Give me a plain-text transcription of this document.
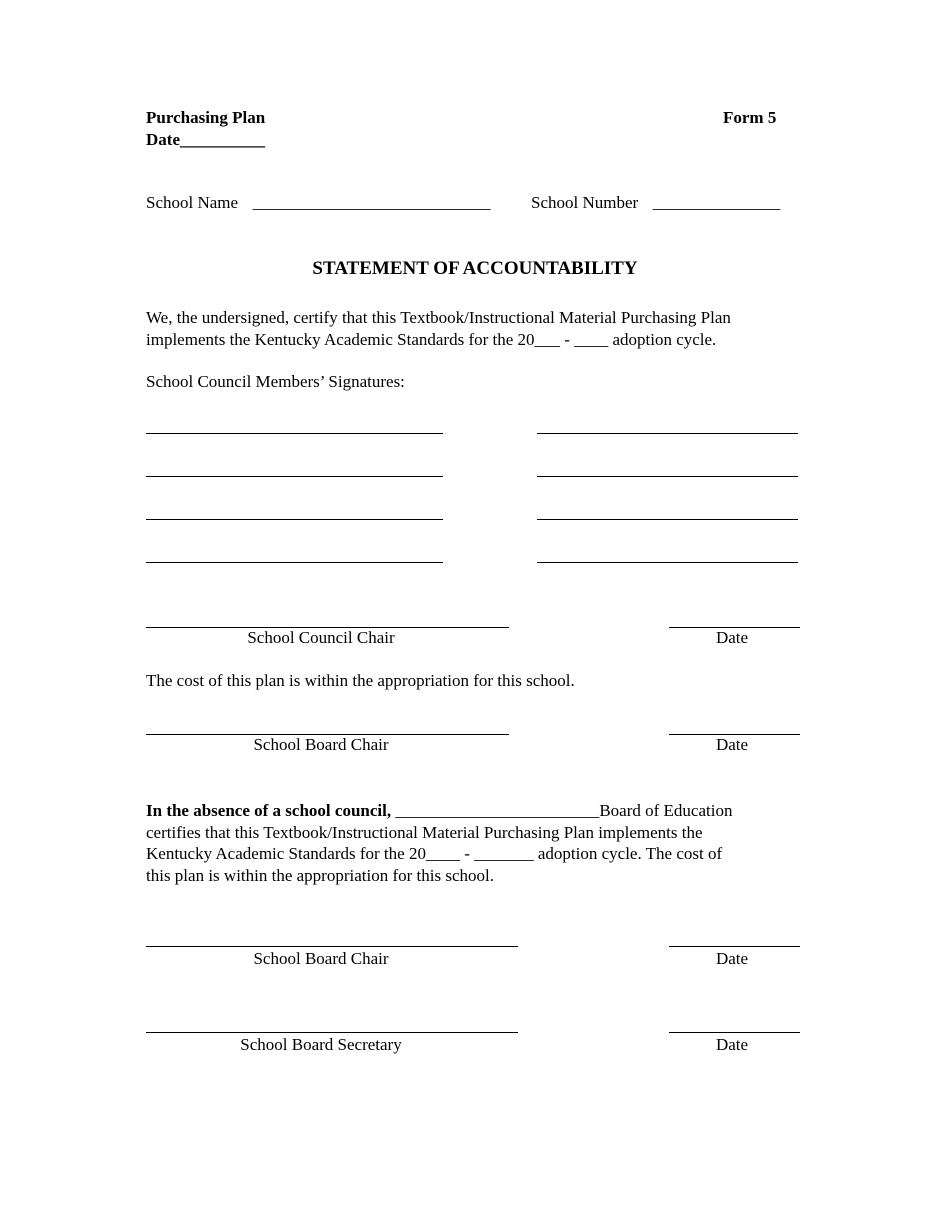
Purchasing Plan
Date__________
Form 5
School Name ____________________________ School Number _______________
STATEMENT OF ACCOUNTABILITY
We, the undersigned, certify that this Textbook/Instructional Material Purchasing Plan
implements the Kentucky Academic Standards for the 20___ - ____ adoption cycle.
School Council Members’ Signatures:
School Council Chair	Date
The cost of this plan is within the appropriation for this school.
School Board Chair	Date
In the absence of a school council, ________________________Board of Education
certifies that this Textbook/Instructional Material Purchasing Plan implements the
Kentucky Academic Standards for the 20____ - _______ adoption cycle. The cost of
this plan is within the appropriation for this school.
School Board Chair	Date
School Board Secretary	Date
